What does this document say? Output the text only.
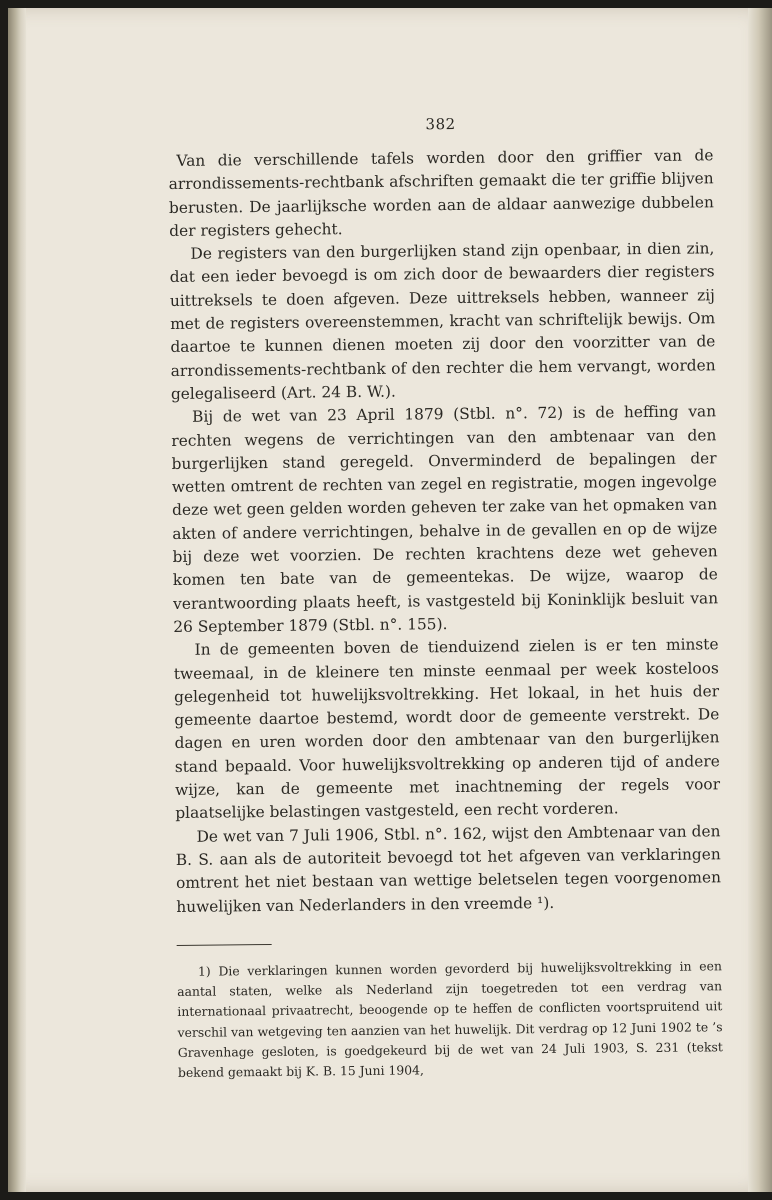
382

Van die verschillende tafels worden door den griffier van de arrondissements-rechtbank afschriften gemaakt die ter griffie blijven berusten. De jaarlijksche worden aan de aldaar aanwezige dubbelen der registers gehecht.

De registers van den burgerlijken stand zijn openbaar, in dien zin, dat een ieder bevoegd is om zich door de bewaarders dier registers uittreksels te doen afgeven. Deze uittreksels hebben, wanneer zij met de registers overeenstemmen, kracht van schriftelijk bewijs. Om daartoe te kunnen dienen moeten zij door den voorzitter van de arrondissements-rechtbank of den rechter die hem vervangt, worden gelegaliseerd (Art. 24 B. W.).

Bij de wet van 23 April 1879 (Stbl. n°. 72) is de heffing van rechten wegens de verrichtingen van den ambtenaar van den burgerlijken stand geregeld. Onverminderd de bepalingen der wetten omtrent de rechten van zegel en registratie, mogen ingevolge deze wet geen gelden worden geheven ter zake van het opmaken van akten of andere verrichtingen, behalve in de gevallen en op de wijze bij deze wet voorzien. De rechten krachtens deze wet geheven komen ten bate van de gemeentekas. De wijze, waarop de verantwoording plaats heeft, is vastgesteld bij Koninklijk besluit van 26 September 1879 (Stbl. n°. 155).

In de gemeenten boven de tienduizend zielen is er ten minste tweemaal, in de kleinere ten minste eenmaal per week kosteloos gelegenheid tot huwelijksvoltrekking. Het lokaal, in het huis der gemeente daartoe bestemd, wordt door de gemeente verstrekt. De dagen en uren worden door den ambtenaar van den burgerlijken stand bepaald. Voor huwelijksvoltrekking op anderen tijd of andere wijze, kan de gemeente met inachtneming der regels voor plaatselijke belastingen vastgesteld, een recht vorderen.

De wet van 7 Juli 1906, Stbl. n°. 162, wijst den Ambtenaar van den B. S. aan als de autoriteit bevoegd tot het afgeven van verklaringen omtrent het niet bestaan van wettige beletselen tegen voorgenomen huwelijken van Nederlanders in den vreemde ¹).

1) Die verklaringen kunnen worden gevorderd bij huwelijksvoltrekking in een aantal staten, welke als Nederland zijn toegetreden tot een verdrag van internationaal privaatrecht, beoogende op te heffen de conflicten voortspruitend uit verschil van wetgeving ten aanzien van het huwelijk. Dit verdrag op 12 Juni 1902 te ’s Gravenhage gesloten, is goedgekeurd bij de wet van 24 Juli 1903, S. 231 (tekst bekend gemaakt bij K. B. 15 Juni 1904,
